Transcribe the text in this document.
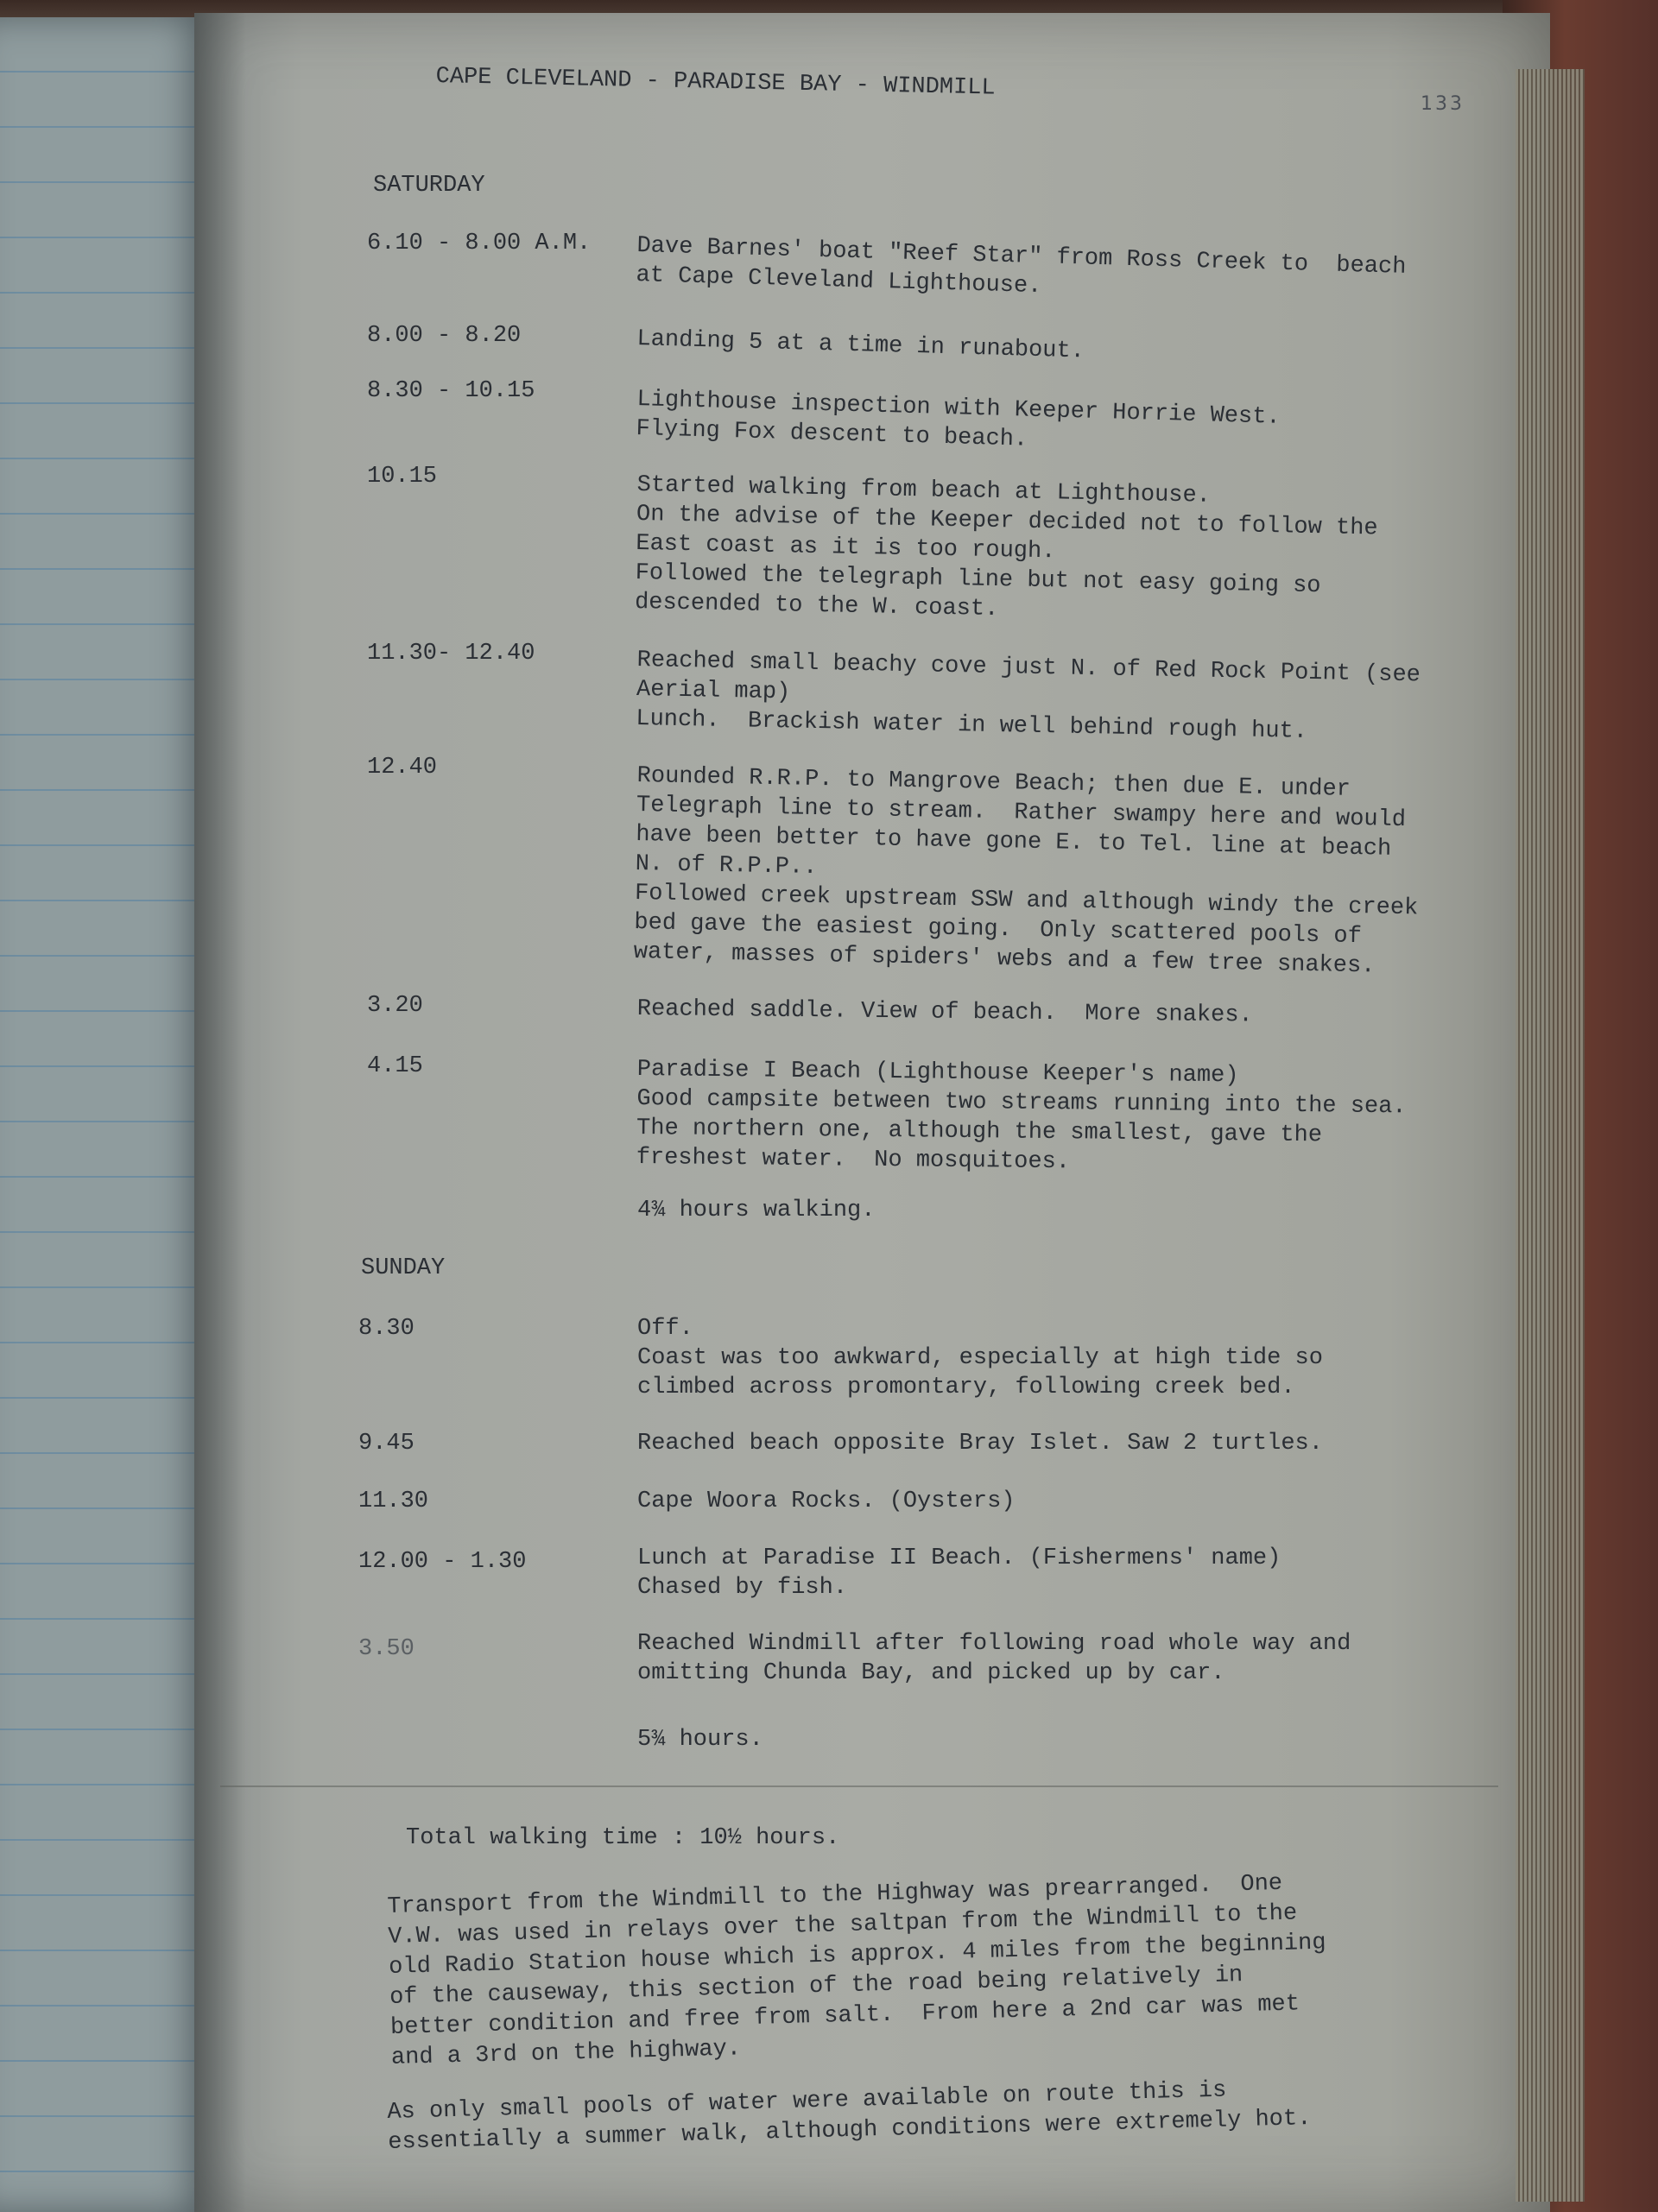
CAPE CLEVELAND - PARADISE BAY - WINDMILL

133

SATURDAY

6.10 - 8.00 A.M. Dave Barnes' boat "Reef Star" from Ross Creek to  beach
at Cape Cleveland Lighthouse.

8.00 - 8.20	Landing 5 at a time in runabout.

8.30 - 10.15	Lighthouse inspection with Keeper Horrie West.
Flying Fox descent to beach.

10.15	Started walking from beach at Lighthouse.
On the advise of the Keeper decided not to follow the
East coast as it is too rough.
Followed the telegraph line but not easy going so
descended to the W. coast.

11.30- 12.40	Reached small beachy cove just N. of Red Rock Point (see
Aerial map)
Lunch.  Brackish water in well behind rough hut.

12.40	Rounded R.R.P. to Mangrove Beach; then due E. under
Telegraph line to stream.  Rather swampy here and would
have been better to have gone E. to Tel. line at beach
N. of R.P.P..
Followed creek upstream SSW and although windy the creek
bed gave the easiest going.  Only scattered pools of
water, masses of spiders' webs and a few tree snakes.

3.20	Reached saddle. View of beach.  More snakes.

4.15	Paradise I Beach (Lighthouse Keeper's name)
Good campsite between two streams running into the sea.
The northern one, although the smallest, gave the
freshest water.  No mosquitoes.

4¾ hours walking.

SUNDAY

8.30	Off.
Coast was too awkward, especially at high tide so
climbed across promontary, following creek bed.

9.45	Reached beach opposite Bray Islet. Saw 2 turtles.

11.30	Cape Woora Rocks. (Oysters)

12.00 - 1.30	Lunch at Paradise II Beach. (Fishermens' name)
Chased by fish.

3.50	Reached Windmill after following road whole way and
omitting Chunda Bay, and picked up by car.

5¾ hours.

Total walking time : 10½ hours.

Transport from the Windmill to the Highway was prearranged.  One
V.W. was used in relays over the saltpan from the Windmill to the
old Radio Station house which is approx. 4 miles from the beginning
of the causeway, this section of the road being relatively in
better condition and free from salt.  From here a 2nd car was met
and a 3rd on the highway.

As only small pools of water were available on route this is
essentially a summer walk, although conditions were extremely hot.
